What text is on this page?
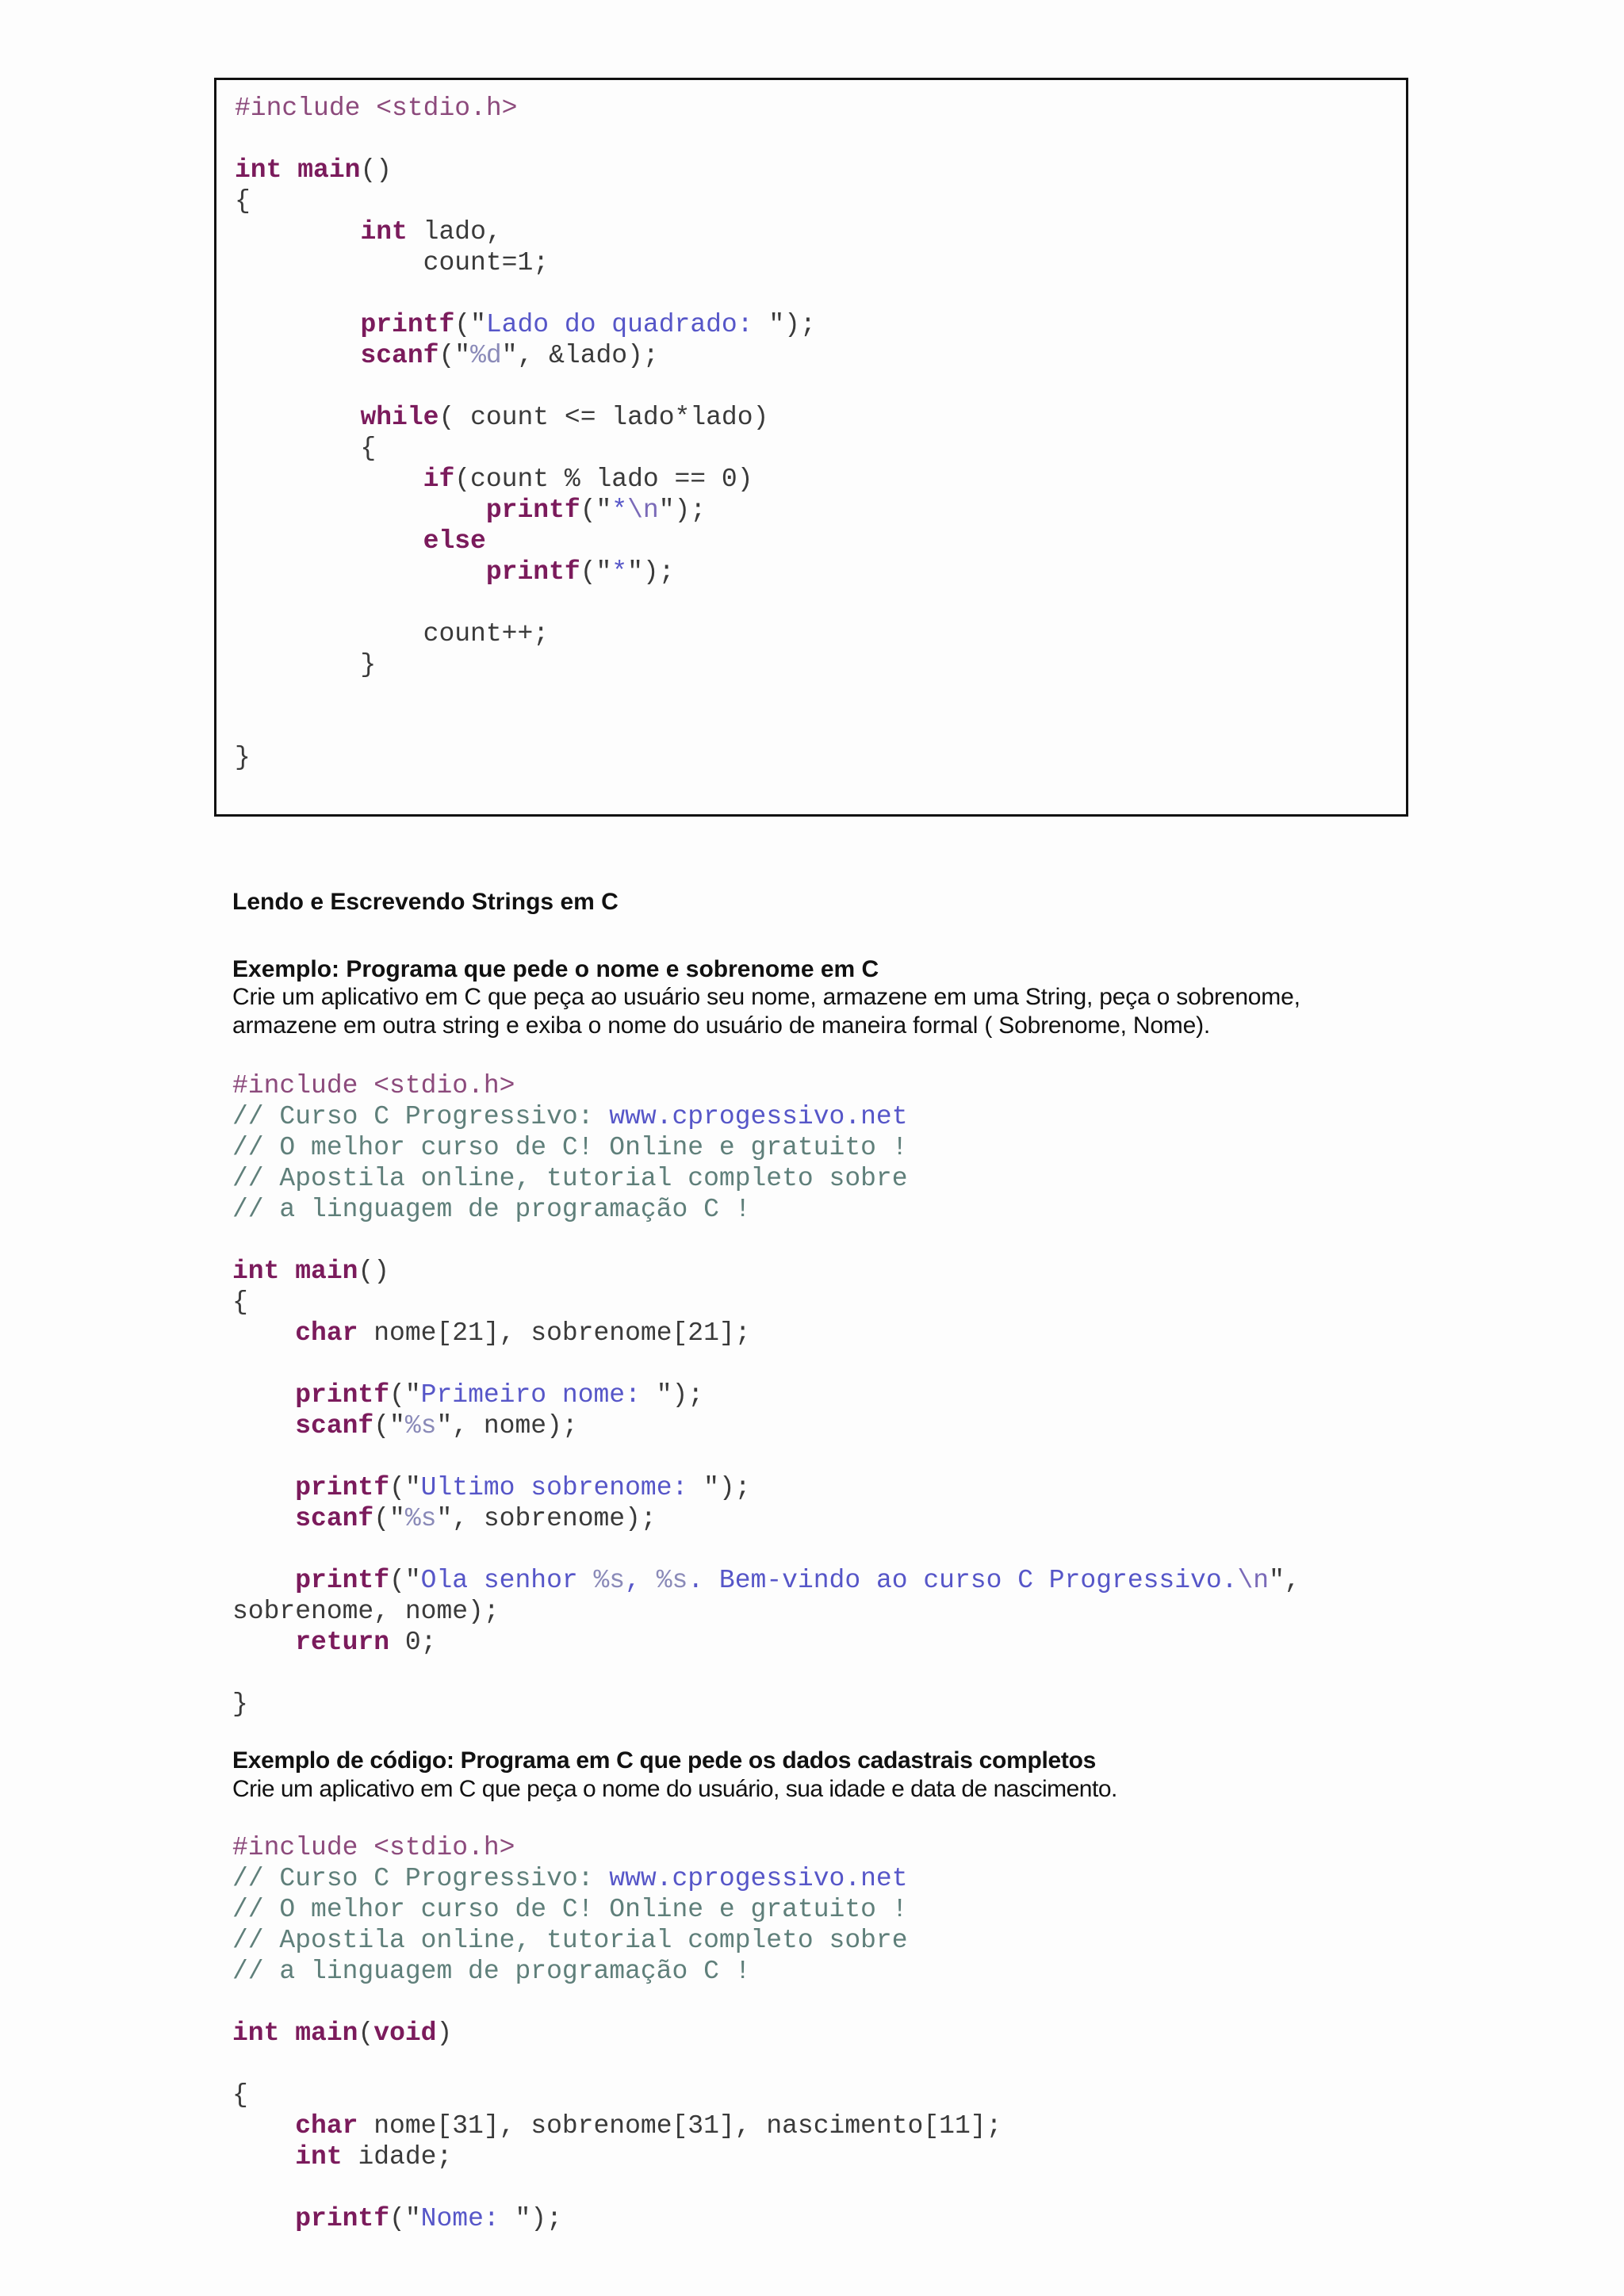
#include <stdio.h>

int main()
{
int lado,
count=1;

printf("Lado do quadrado: ");
scanf("%d", &lado);

while( count <= lado*lado)
{
if(count % lado == 0)
printf("*\n");
else
printf("*");

count++;
}

}
Lendo e Escrevendo Strings em C
Exemplo: Programa que pede o nome e sobrenome em C
Crie um aplicativo em C que peça ao usuário seu nome, armazene em uma String, peça o sobrenome,
armazene em outra string e exiba o nome do usuário de maneira formal ( Sobrenome, Nome).
#include <stdio.h>
// Curso C Progressivo: www.cprogessivo.net
// O melhor curso de C! Online e gratuito !
// Apostila online, tutorial completo sobre
// a linguagem de programação C !

int main()
{
char nome[21], sobrenome[21];

printf("Primeiro nome: ");
scanf("%s", nome);

printf("Ultimo sobrenome: ");
scanf("%s", sobrenome);

printf("Ola senhor %s, %s. Bem-vindo ao curso C Progressivo.\n",
sobrenome, nome);
return 0;

}
Exemplo de código: Programa em C que pede os dados cadastrais completos
Crie um aplicativo em C que peça o nome do usuário, sua idade e data de nascimento.
#include <stdio.h>
// Curso C Progressivo: www.cprogessivo.net
// O melhor curso de C! Online e gratuito !
// Apostila online, tutorial completo sobre
// a linguagem de programação C !

int main(void)

{
char nome[31], sobrenome[31], nascimento[11];
int idade;

printf("Nome: ");
